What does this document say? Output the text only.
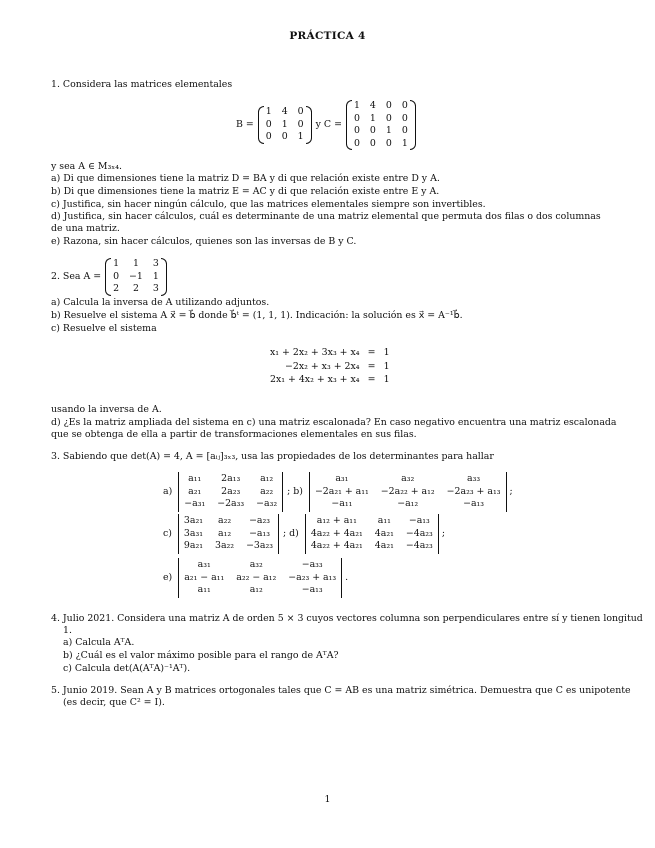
PRÁCTICA 4
1. Considera las matrices elementales
B =
1 4 0
0 1 0
0 0 1
y C =
1 4 0 0
0 1 0 0
0 0 1 0
0 0 0 1
y sea A ∈ M₃ₓ₄.
a) Di que dimensiones tiene la matriz D = BA y di que relación existe entre D y A.
b) Di que dimensiones tiene la matriz E = AC y di que relación existe entre E y A.
c) Justifica, sin hacer ningún cálculo, que las matrices elementales siempre son invertibles.
d) Justifica, sin hacer cálculos, cuál es determinante de una matriz elemental que permuta dos filas o dos columnas
de una matriz.
e) Razona, sin hacer cálculos, quienes son las inversas de B y C.
2. Sea A =
1	1	3
0 −1 1
2	2	3
a) Calcula la inversa de A utilizando adjuntos.
b) Resuelve el sistema A x⃗ = b⃗ donde b⃗ᵗ = (1, 1, 1). Indicación: la solución es x⃗ = A⁻¹b⃗.
c) Resuelve el sistema
x₁ + 2x₂ + 3x₃ + x₄ = 1
−2x₂ + x₃ + 2x₄ = 1
2x₁ + 4x₂ + x₃ + x₄ = 1
usando la inversa de A.
d) ¿Es la matriz ampliada del sistema en c) una matriz escalonada? En caso negativo encuentra una matriz escalonada
que se obtenga de ella a partir de transformaciones elementales en sus filas.
3. Sabiendo que det(A) = 4, A = [aᵢⱼ]₃ₓ₃, usa las propiedades de los determinantes para hallar
a)
a₁₁	2a₁₃	a₁₂
a₂₁	2a₂₃	a₂₂
−a₃₁ −2a₃₃ −a₃₂
; b)
a₃₁	a₃₂	a₃₃
−2a₂₁ + a₁₁ −2a₂₂ + a₁₂ −2a₂₃ + a₁₃
−a₁₁	−a₁₂	−a₁₃
;
c)
3a₂₁	a₂₂	−a₂₃
3a₃₁	a₁₂	−a₁₃
9a₂₁ 3a₂₂ −3a₂₃
; d)
a₁₂ + a₁₁	a₁₁	−a₁₃
4a₂₂ + 4a₂₁ 4a₂₁ −4a₂₃
4a₂₂ + 4a₂₁ 4a₂₁ −4a₂₃
;
e)
a₃₁	a₃₂	−a₃₃
a₂₁ − a₁₁ a₂₂ − a₁₂ −a₂₃ + a₁₃
a₁₁	a₁₂	−a₁₃
.
4. Julio 2021. Considera una matriz A de orden 5 × 3 cuyos vectores columna son perpendiculares entre sí y tienen longitud
1.
a) Calcula AᵀA.
b) ¿Cuál es el valor máximo posible para el rango de AᵀA?
c) Calcula det(A(AᵀA)⁻¹Aᵀ).
5. Junio 2019. Sean A y B matrices ortogonales tales que C = AB es una matriz simétrica. Demuestra que C es unipotente
(es decir, que C² = I).
1
